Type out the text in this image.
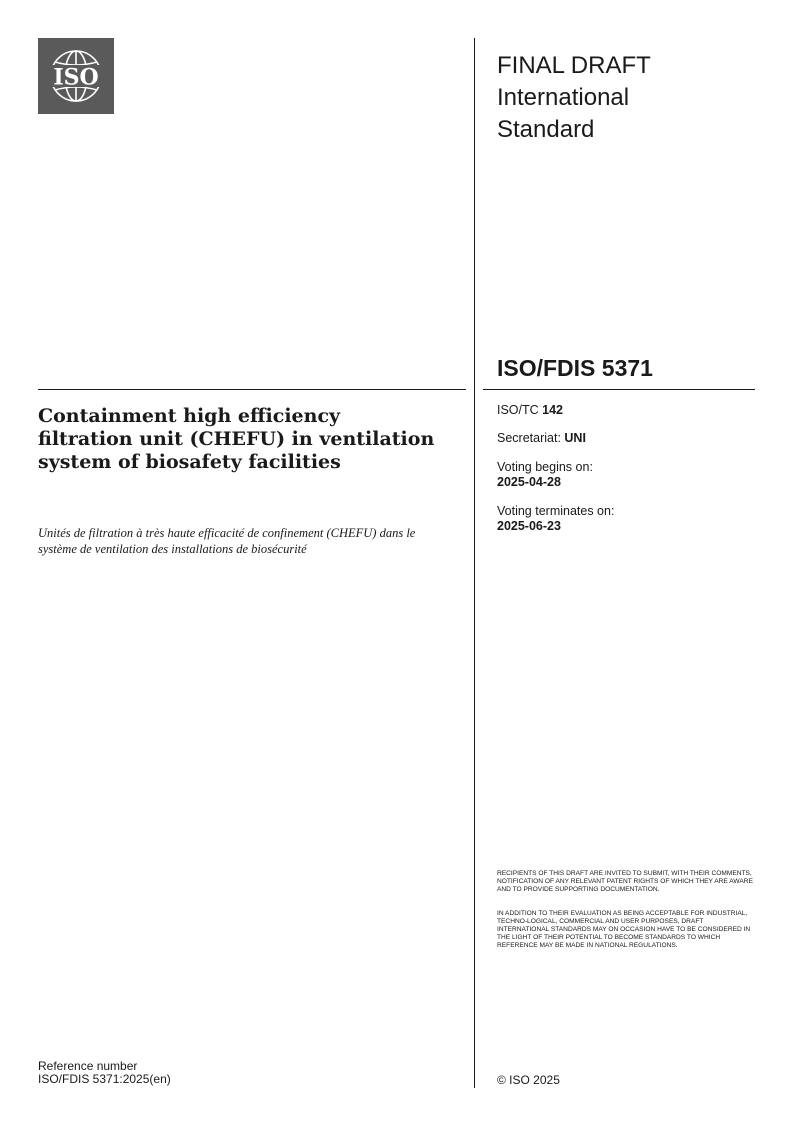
ISO	FINAL DRAFT
International
Standard
ISO/FDIS 5371
Containment high efficiency filtration unit (CHEFU) in ventilation system of biosafety facilities
Unités de filtration à très haute efficacité de confinement (CHEFU) dans le système de ventilation des installations de biosécurité
ISO/TC 142
Secretariat: UNI
Voting begins on:
2025-04-28
Voting terminates on:
2025-06-23
RECIPIENTS OF THIS DRAFT ARE INVITED TO SUBMIT, WITH THEIR COMMENTS, NOTIFICATION OF ANY RELEVANT PATENT RIGHTS OF WHICH THEY ARE AWARE AND TO PROVIDE SUPPORTING DOCUMENTATION.
IN ADDITION TO THEIR EVALUATION AS BEING ACCEPTABLE FOR INDUSTRIAL, TECHNO-LOGICAL, COMMERCIAL AND USER PURPOSES, DRAFT INTERNATIONAL STANDARDS MAY ON OCCASION HAVE TO BE CONSIDERED IN THE LIGHT OF THEIR POTENTIAL TO BECOME STANDARDS TO WHICH REFERENCE MAY BE MADE IN NATIONAL REGULATIONS.
Reference number
ISO/FDIS 5371:2025(en)	© ISO 2025
